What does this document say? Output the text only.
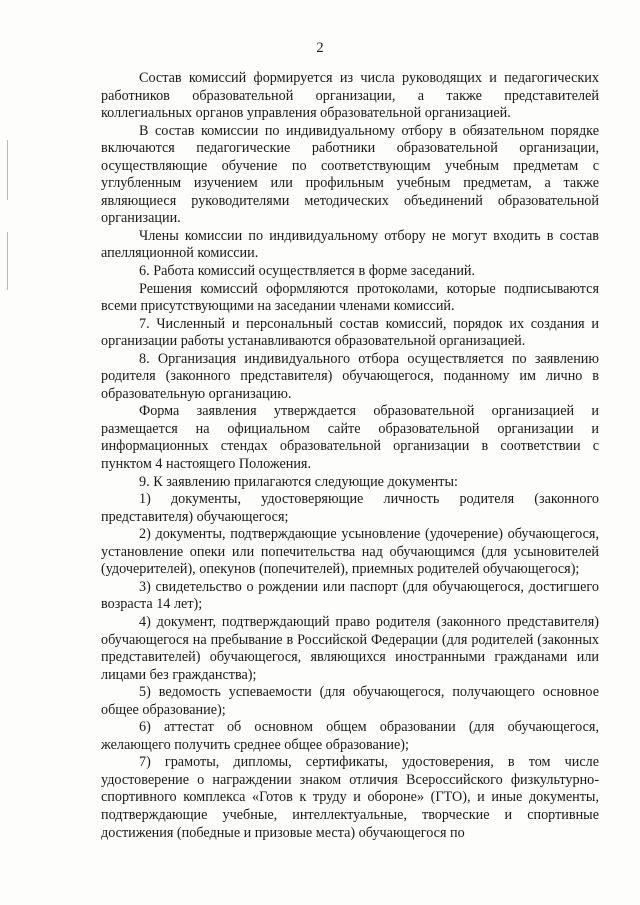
2

Состав комиссий формируется из числа руководящих и педагогических работников образовательной организации, а также представителей коллегиальных органов управления образовательной организацией.

В состав комиссии по индивидуальному отбору в обязательном порядке включаются педагогические работники образовательной организации, осуществляющие обучение по соответствующим учебным предметам с углубленным изучением или профильным учебным предметам, а также являющиеся руководителями методических объединений образовательной организации.

Члены комиссии по индивидуальному отбору не могут входить в состав апелляционной комиссии.

6. Работа комиссий осуществляется в форме заседаний.

Решения комиссий оформляются протоколами, которые подписываются всеми присутствующими на заседании членами комиссий.

7. Численный и персональный состав комиссий, порядок их создания и организации работы устанавливаются образовательной организацией.

8. Организация индивидуального отбора осуществляется по заявлению родителя (законного представителя) обучающегося, поданному им лично в образовательную организацию.

Форма заявления утверждается образовательной организацией и размещается на официальном сайте образовательной организации и информационных стендах образовательной организации в соответствии с пунктом 4 настоящего Положения.

9. К заявлению прилагаются следующие документы:

1) документы, удостоверяющие личность родителя (законного представителя) обучающегося;

2) документы, подтверждающие усыновление (удочерение) обучающегося, установление опеки или попечительства над обучающимся (для усыновителей (удочерителей), опекунов (попечителей), приемных родителей обучающегося);

3) свидетельство о рождении или паспорт (для обучающегося, достигшего возраста 14 лет);

4) документ, подтверждающий право родителя (законного представителя) обучающегося на пребывание в Российской Федерации (для родителей (законных представителей) обучающегося, являющихся иностранными гражданами или лицами без гражданства);

5) ведомость успеваемости (для обучающегося, получающего основное общее образование);

6) аттестат об основном общем образовании (для обучающегося, желающего получить среднее общее образование);

7) грамоты, дипломы, сертификаты, удостоверения, в том числе удостоверение о награждении знаком отличия Всероссийского физкультурно-спортивного комплекса «Готов к труду и обороне» (ГТО), и иные документы, подтверждающие учебные, интеллектуальные, творческие и спортивные достижения (победные и призовые места) обучающегося по
